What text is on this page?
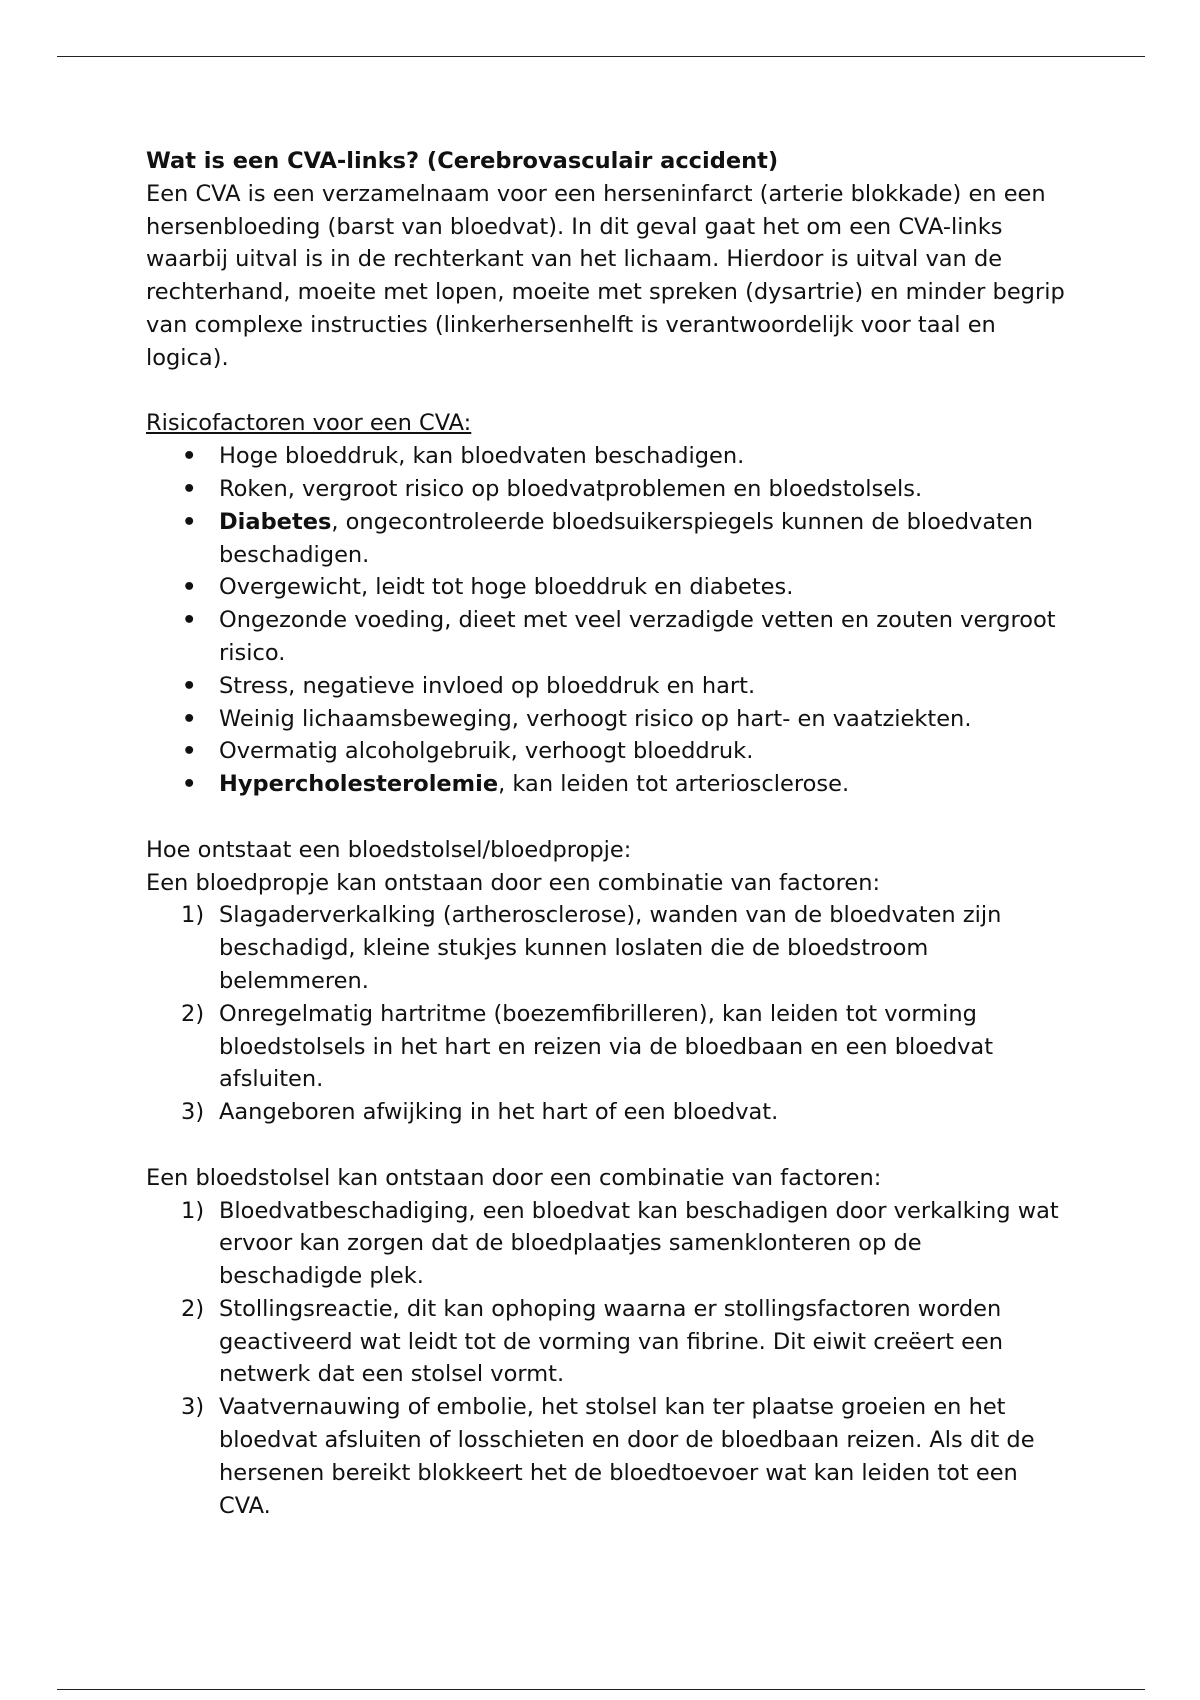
Wat is een CVA-links? (Cerebrovasculair accident)

Een CVA is een verzamelnaam voor een herseninfarct (arterie blokkade) en een hersenbloeding (barst van bloedvat). In dit geval gaat het om een CVA-links waarbij uitval is in de rechterkant van het lichaam. Hierdoor is uitval van de rechterhand, moeite met lopen, moeite met spreken (dysartrie) en minder begrip van complexe instructies (linkerhersenhelft is verantwoordelijk voor taal en logica).

Risicofactoren voor een CVA:

• Hoge bloeddruk, kan bloedvaten beschadigen.
• Roken, vergroot risico op bloedvatproblemen en bloedstolsels.
• Diabetes, ongecontroleerde bloedsuikerspiegels kunnen de bloedvaten beschadigen.
• Overgewicht, leidt tot hoge bloeddruk en diabetes.
• Ongezonde voeding, dieet met veel verzadigde vetten en zouten vergroot risico.
• Stress, negatieve invloed op bloeddruk en hart.
• Weinig lichaamsbeweging, verhoogt risico op hart- en vaatziekten.
• Overmatig alcoholgebruik, verhoogt bloeddruk.
• Hypercholesterolemie, kan leiden tot arteriosclerose.

Hoe ontstaat een bloedstolsel/bloedpropje:

Een bloedpropje kan ontstaan door een combinatie van factoren:

1) Slagaderverkalking (artherosclerose), wanden van de bloedvaten zijn beschadigd, kleine stukjes kunnen loslaten die de bloedstroom belemmeren.
2) Onregelmatig hartritme (boezemfibrilleren), kan leiden tot vorming bloedstolsels in het hart en reizen via de bloedbaan en een bloedvat afsluiten.
3) Aangeboren afwijking in het hart of een bloedvat.

Een bloedstolsel kan ontstaan door een combinatie van factoren:

1) Bloedvatbeschadiging, een bloedvat kan beschadigen door verkalking wat ervoor kan zorgen dat de bloedplaatjes samenklonteren op de beschadigde plek.
2) Stollingsreactie, dit kan ophoping waarna er stollingsfactoren worden geactiveerd wat leidt tot de vorming van fibrine. Dit eiwit creëert een netwerk dat een stolsel vormt.
3) Vaatvernauwing of embolie, het stolsel kan ter plaatse groeien en het bloedvat afsluiten of losschieten en door de bloedbaan reizen. Als dit de hersenen bereikt blokkeert het de bloedtoevoer wat kan leiden tot een CVA.
